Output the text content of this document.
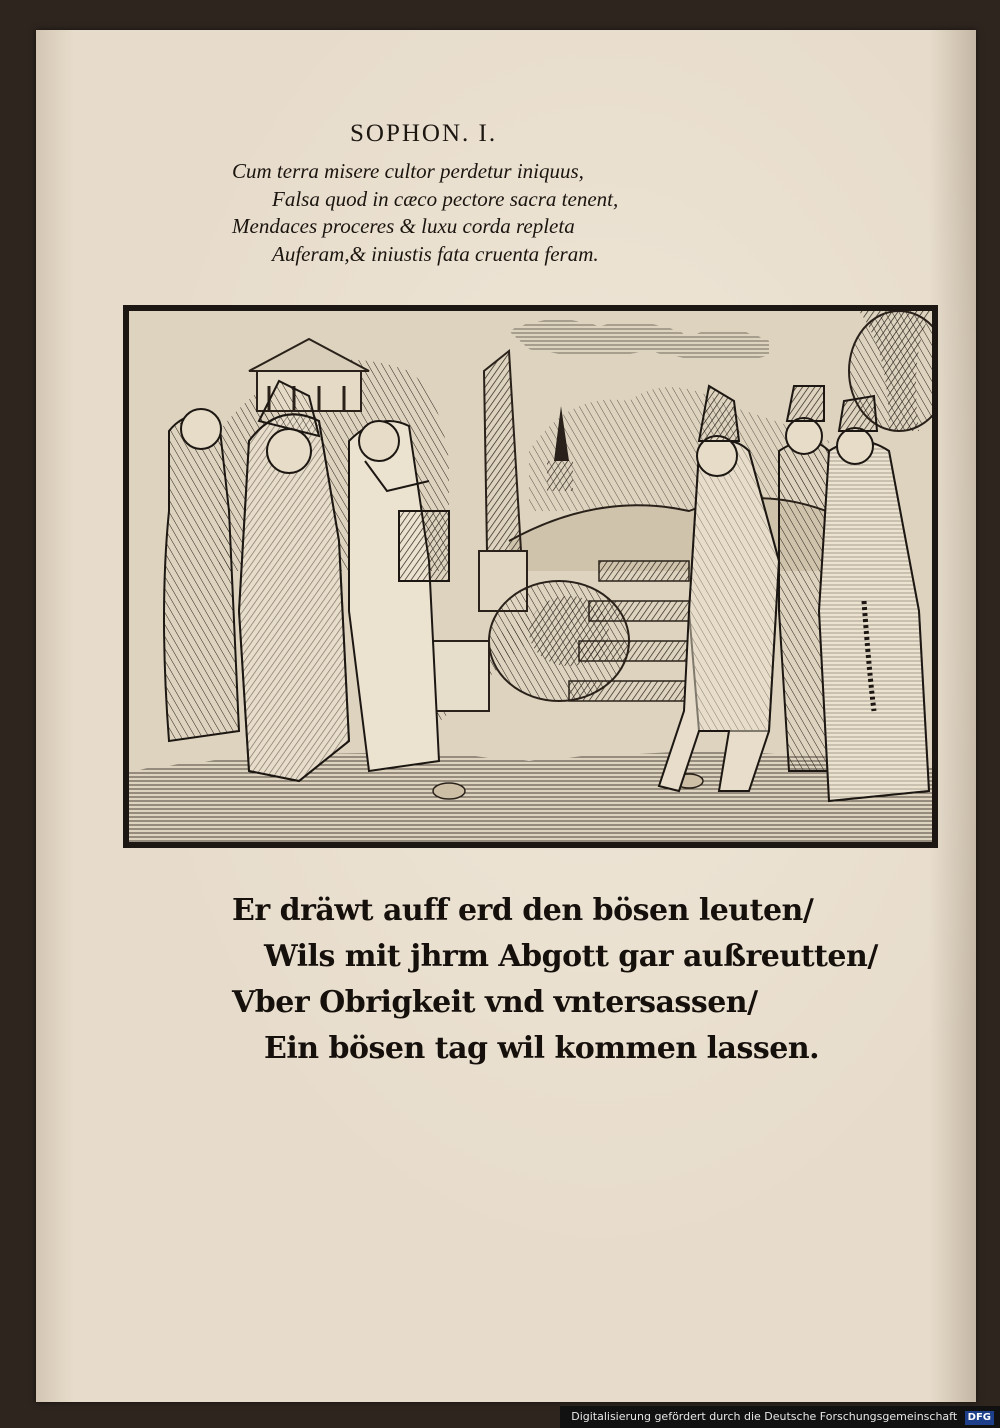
SOPHON. I.
Cum terra misere cultor perdetur iniquus,
Falsa quod in cæco pectore sacra tenent,
Mendaces proceres & luxu corda repleta
Auferam,& iniustis fata cruenta feram.
Er dräwt auff erd den bösen leuten/
Wils mit jhrm Abgott gar außreutten/
Vber Obrigkeit vnd vntersassen/
Ein bösen tag wil kommen lassen.
Digitalisierung gefördert durch die Deutsche Forschungsgemeinschaft DFG
